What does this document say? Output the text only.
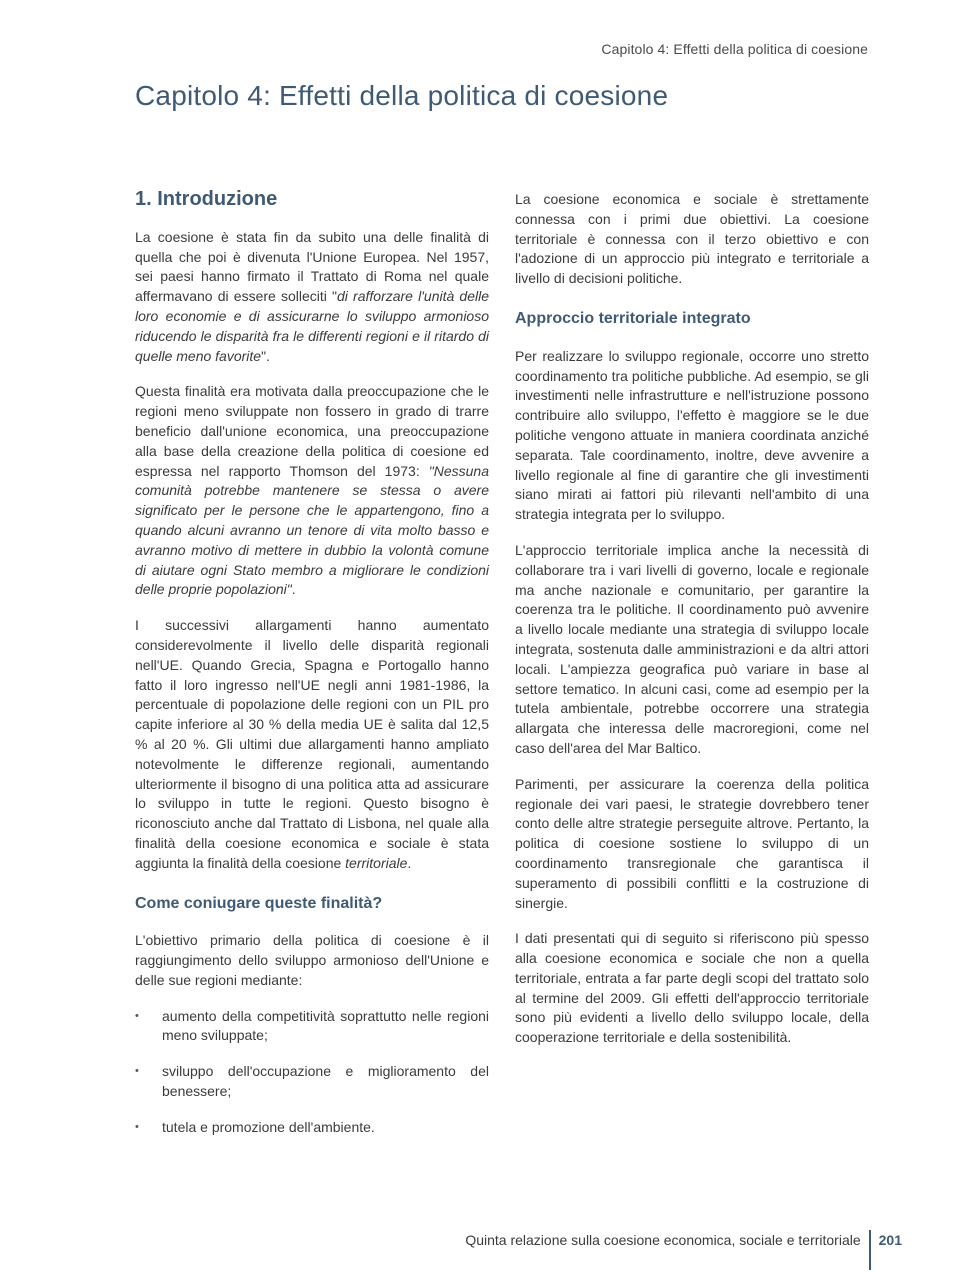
Capitolo 4: Effetti della politica di coesione
Capitolo 4: Effetti della politica di coesione
1. Introduzione

La coesione è stata fin da subito una delle finalità di quella che poi è divenuta l'Unione Europea. Nel 1957, sei paesi hanno firmato il Trattato di Roma nel quale affermavano di essere solleciti "di rafforzare l'unità delle loro economie e di assicurarne lo sviluppo armonioso riducendo le disparità fra le differenti regioni e il ritardo di quelle meno favorite".

Questa finalità era motivata dalla preoccupazione che le regioni meno sviluppate non fossero in grado di trarre beneficio dall'unione economica, una preoccupazione alla base della creazione della politica di coesione ed espressa nel rapporto Thomson del 1973: "Nessuna comunità potrebbe mantenere se stessa o avere significato per le persone che le appartengono, fino a quando alcuni avranno un tenore di vita molto basso e avranno motivo di mettere in dubbio la volontà comune di aiutare ogni Stato membro a migliorare le condizioni delle proprie popolazioni".

I successivi allargamenti hanno aumentato considerevolmente il livello delle disparità regionali nell'UE. Quando Grecia, Spagna e Portogallo hanno fatto il loro ingresso nell'UE negli anni 1981-1986, la percentuale di popolazione delle regioni con un PIL pro capite inferiore al 30 % della media UE è salita dal 12,5 % al 20 %. Gli ultimi due allargamenti hanno ampliato notevolmente le differenze regionali, aumentando ulteriormente il bisogno di una politica atta ad assicurare lo sviluppo in tutte le regioni. Questo bisogno è riconosciuto anche dal Trattato di Lisbona, nel quale alla finalità della coesione economica e sociale è stata aggiunta la finalità della coesione territoriale.

Come coniugare queste finalità?

L'obiettivo primario della politica di coesione è il raggiungimento dello sviluppo armonioso dell'Unione e delle sue regioni mediante:

• aumento della competitività soprattutto nelle regioni meno sviluppate;
• sviluppo dell'occupazione e miglioramento del benessere;
• tutela e promozione dell'ambiente.

La coesione economica e sociale è strettamente connessa con i primi due obiettivi. La coesione territoriale è connessa con il terzo obiettivo e con l'adozione di un approccio più integrato e territoriale a livello di decisioni politiche.

Approccio territoriale integrato

Per realizzare lo sviluppo regionale, occorre uno stretto coordinamento tra politiche pubbliche. Ad esempio, se gli investimenti nelle infrastrutture e nell'istruzione possono contribuire allo sviluppo, l'effetto è maggiore se le due politiche vengono attuate in maniera coordinata anziché separata. Tale coordinamento, inoltre, deve avvenire a livello regionale al fine di garantire che gli investimenti siano mirati ai fattori più rilevanti nell'ambito di una strategia integrata per lo sviluppo.

L'approccio territoriale implica anche la necessità di collaborare tra i vari livelli di governo, locale e regionale ma anche nazionale e comunitario, per garantire la coerenza tra le politiche. Il coordinamento può avvenire a livello locale mediante una strategia di sviluppo locale integrata, sostenuta dalle amministrazioni e da altri attori locali. L'ampiezza geografica può variare in base al settore tematico. In alcuni casi, come ad esempio per la tutela ambientale, potrebbe occorrere una strategia allargata che interessa delle macroregioni, come nel caso dell'area del Mar Baltico.

Parimenti, per assicurare la coerenza della politica regionale dei vari paesi, le strategie dovrebbero tener conto delle altre strategie perseguite altrove. Pertanto, la politica di coesione sostiene lo sviluppo di un coordinamento transregionale che garantisca il superamento di possibili conflitti e la costruzione di sinergie.

I dati presentati qui di seguito si riferiscono più spesso alla coesione economica e sociale che non a quella territoriale, entrata a far parte degli scopi del trattato solo al termine del 2009. Gli effetti dell'approccio territoriale sono più evidenti a livello dello sviluppo locale, della cooperazione territoriale e della sostenibilità.

Quinta relazione sulla coesione economica, sociale e territoriale 201
